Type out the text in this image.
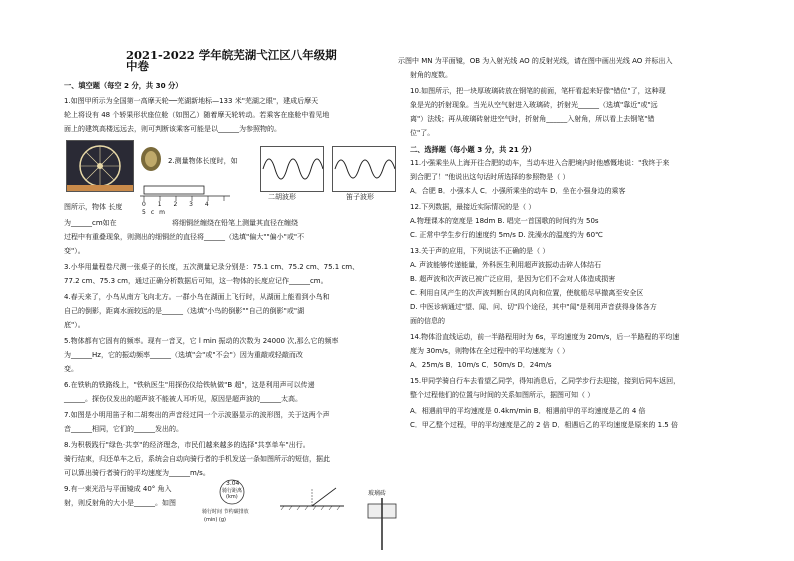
2021-2022 学年皖芜湖弋江区八年级期中卷

一、填空题（每空 2 分，共 30 分）

1.如图甲所示为全国第一高摩天轮──芜湖新地标—133 米"芜湖之眼"，建成后摩天

轮上将设有 48 个轿果形状座位舱（如图乙）随着摩天轮转动。若乘客在座舱中看见地

面上的建筑高楼远远去，则可判断该乘客可能是以______为参照物的。

2.测量物体长度时，如

0 1 2 3 4 5cm
二胡波形	笛子波形

图所示，物体 长度

为______cm如在	将细铜丝缠绕在铅笔上测量其直径在缠绕

过程中有重叠现象，则测出的细铜丝的直径将______（选填"偏大""偏小"或"不

变"）。

3.小华用量程卷尺测一张桌子的长度，五次测量记录分别是：75.1 cm、75.2 cm、75.1 cm、

77.2 cm、75.3 cm，通过正确分析数据后可知，这一物体的长度应记作______cm。

4.春天来了，小鸟从南方飞向北方。一群小鸟在湖面上飞行时，从湖面上能看到小鸟和

自己的倒影，距离水面较远的是______（选填"小鸟的倒影""自己的倒影"或"湖

底"）。

5.物体都有它固有的频率。现有一音叉，它 l min 振动的次数为 24000 次,那么它的频率

为______Hz，它的振动频率______（选填"会"或"不会"）因为重敲或轻敲而改

变。

6.在铁轨的铁路线上，"铁轨医生"用探伤仪给铁轨做"B 超"，这是利用声可以传递

______。探伤仪发出的超声波不能被人耳听见，原因是超声波的______太高。

7.如图是小明用笛子和二胡奏出的声音经过同一个示波器显示的波形图，关于这两个声

音______相同，它们的______发出的。

8.为积极践行"绿色·共享"的经济理念，市民们越来越多的选择"共享单车"出行。

骑行结束，归还单车之后，系统会自动向骑行者的手机发送一条如图所示的短信，据此

可以算出骑行者骑行的平均速度为______m/s。

9.有一束光沿与平面镜成 40° 角入

射，则反射角的大小是______。如图

3.04
骑行距离
(km)
骑行时间 节约碳排放
(min) (g)
玻璃砖

示图中 MN 为平面镜，OB 为入射光线 AO 的反射光线，请在图中画出光线 AO 并标出入

射角的度数。

10.如图所示，把一块厚玻璃砖放在钢笔的前面，笔杆看起来好像"错位"了，这种现

象是光的折射现象。当光从空气射进入玻璃砖，折射光______（选填"靠近"或"远

离"）法线；再从玻璃砖射进空气时，折射角______入射角，所以看上去钢笔"错

位"了。

二、选择题（每小题 3 分，共 21 分）

11.小强乘坐从上海开往合肥的动车，当动车进入合肥境内时他感慨地说："我终于来

到合肥了！"他说出这句话时所选择的参照物是（ ）

A．合肥 B．小强本人 C．小强所乘坐的动车 D．坐在小强身边的乘客

12.下列数据，最接近实际情况的是（ ）

A.物理课本的宽度是 18dm B. 唱完一首国歌的时间约为 50s

C. 正常中学生步行的速度约 5m/s D. 洗澡水的温度约为 60℃

13.关于声的应用，下列说法不正确的是（ ）

A. 声波能够传递能量，外科医生利用超声波振动击碎人体结石

B. 超声波和次声波已被广泛应用，是因为它们不会对人体造成损害

C. 利用自风产生的次声波判断台风的风向和位置，使航船尽早撤离至安全区

D. 中医诊病通过"望、闻、问、切"四个途径，其中"闻"是利用声音获得身体各方

面的信息的

14.物体沿直线运动，前一半路程用时为 6s，平均速度为 20m/s，后一半路程的平均速

度为 30m/s，则物体在全过程中的平均速度为（ ）

A．25m/s B．10m/s C．50m/s D．24m/s

15.甲同学骑自行车去看望乙同学，得知消息后，乙同学步行去迎接，接到后同车返回，

整个过程他们的位置与时间的关系如图所示，据图可知（ ）

A．相遇前甲的平均速度是 0.4km/min B．相遇前甲的平均速度是乙的 4 倍

C．甲乙整个过程，甲的平均速度是乙的 2 倍 D．相遇后乙的平均速度是原来的 1.5 倍
